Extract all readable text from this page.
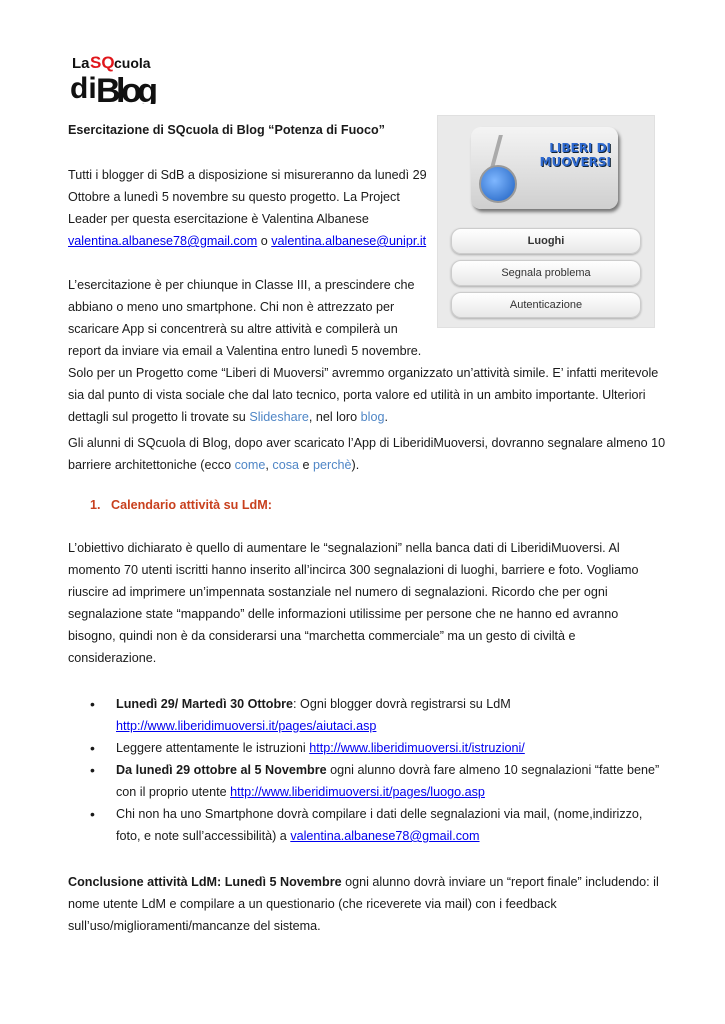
La SQ cuola
di Blog
Esercitazione di SQcuola di Blog “Potenza di Fuoco”
LIBERI DI
MUOVERSI
Luoghi
Segnala problema
Autenticazione
Tutti i blogger di SdB a disposizione si misureranno da lunedì 29 Ottobre a lunedì 5 novembre su questo progetto. La Project Leader per questa esercitazione è Valentina Albanese valentina.albanese78@gmail.com o valentina.albanese@unipr.it
L’esercitazione è per chiunque in Classe III, a prescindere che abbiano o meno uno smartphone. Chi non è attrezzato per scaricare App si concentrerà su altre attività e compilerà un report da inviare via email a Valentina entro lunedì 5 novembre.
Solo per un Progetto come “Liberi di Muoversi” avremmo organizzato un’attività simile. E’ infatti meritevole sia dal punto di vista sociale che dal lato tecnico, porta valore ed utilità in un ambito importante. Ulteriori dettagli sul progetto li trovate su Slideshare, nel loro blog.
Gli alunni di SQcuola di Blog, dopo aver scaricato l’App di LiberidiMuoversi, dovranno segnalare almeno 10 barriere architettoniche (ecco come, cosa e perchè).
1.   Calendario attività su LdM:
L’obiettivo dichiarato è quello di aumentare le “segnalazioni” nella banca dati di LiberidiMuoversi. Al momento 70 utenti iscritti hanno inserito all’incirca 300 segnalazioni di luoghi, barriere e foto. Vogliamo riuscire ad imprimere un’impennata sostanziale nel numero di segnalazioni. Ricordo che per ogni segnalazione state “mappando” delle informazioni utilissime per persone che ne hanno ed avranno bisogno, quindi non è da considerarsi una “marchetta commerciale” ma un gesto di civiltà e considerazione.
• Lunedì 29/ Martedì 30 Ottobre: Ogni blogger dovrà registrarsi su LdM http://www.liberidimuoversi.it/pages/aiutaci.asp
• Leggere attentamente le istruzioni http://www.liberidimuoversi.it/istruzioni/
• Da lunedì 29 ottobre al 5 Novembre ogni alunno dovrà fare almeno 10 segnalazioni “fatte bene” con il proprio utente http://www.liberidimuoversi.it/pages/luogo.asp
• Chi non ha uno Smartphone dovrà compilare i dati delle segnalazioni via mail, (nome,indirizzo, foto, e note sull’accessibilità) a valentina.albanese78@gmail.com
Conclusione attività LdM: Lunedì 5 Novembre ogni alunno dovrà inviare un “report finale” includendo: il nome utente LdM e compilare a un questionario (che riceverete via mail) con i feedback sull’uso/miglioramenti/mancanze del sistema.
